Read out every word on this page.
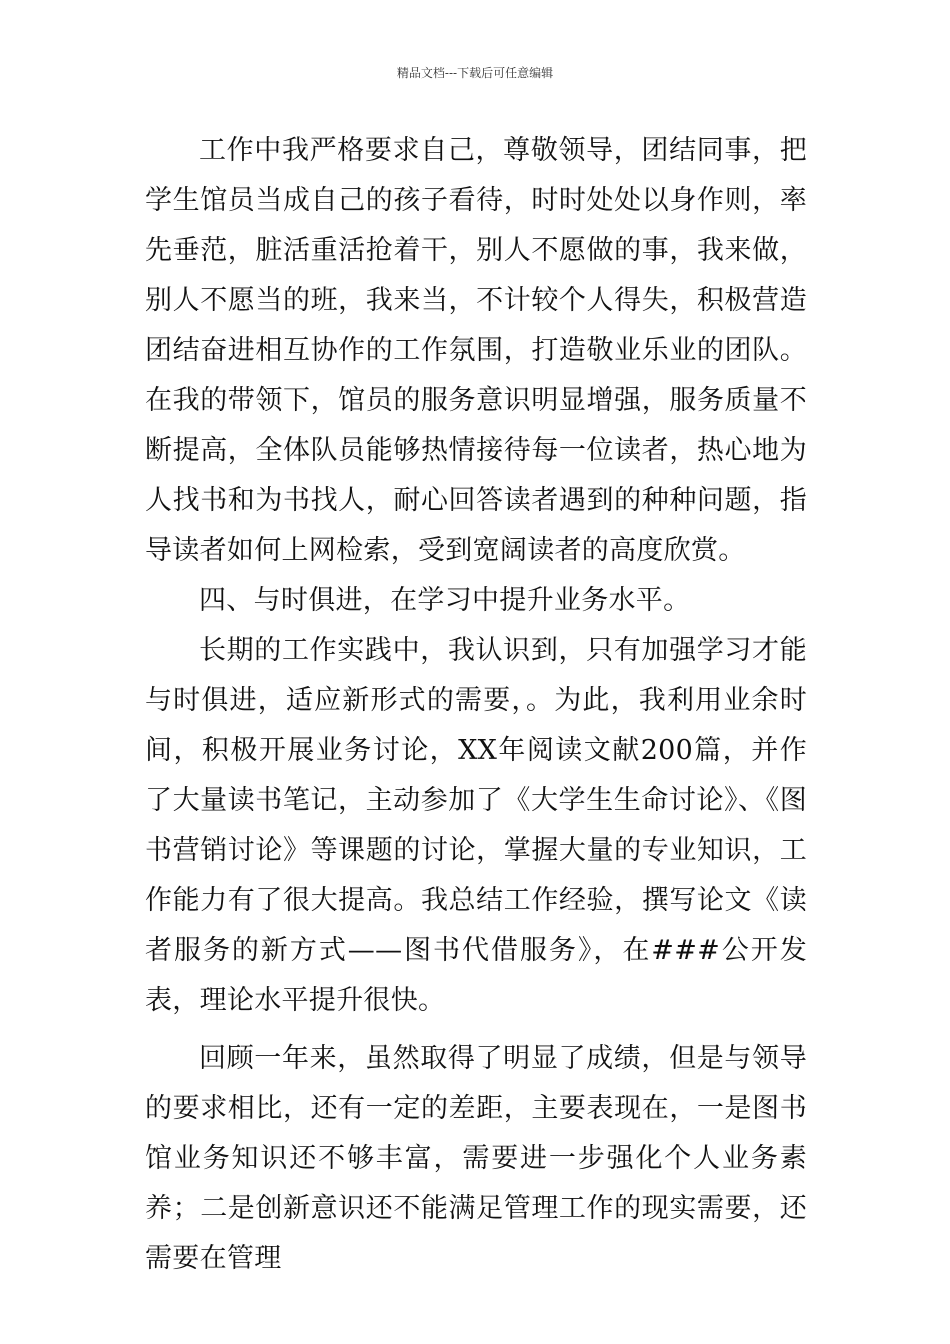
精品文档---下载后可任意编辑

工作中我严格要求自己，尊敬领导，团结同事，把学生馆员当成自己的孩子看待，时时处处以身作则，率先垂范，脏活重活抢着干，别人不愿做的事，我来做，别人不愿当的班，我来当，不计较个人得失，积极营造团结奋进相互协作的工作氛围，打造敬业乐业的团队。在我的带领下，馆员的服务意识明显增强，服务质量不断提高，全体队员能够热情接待每一位读者，热心地为人找书和为书找人，耐心回答读者遇到的种种问题，指导读者如何上网检索，受到宽阔读者的高度欣赏。

四、与时俱进，在学习中提升业务水平。

长期的工作实践中，我认识到，只有加强学习才能与时俱进，适应新形式的需要，。为此，我利用业余时间，积极开展业务讨论，XX年阅读文献200篇，并作了大量读书笔记，主动参加了《大学生生命讨论》、《图书营销讨论》等课题的讨论，掌握大量的专业知识，工作能力有了很大提高。我总结工作经验，撰写论文《读者服务的新方式——图书代借服务》，在###公开发表，理论水平提升很快。

回顾一年来，虽然取得了明显了成绩，但是与领导的要求相比，还有一定的差距，主要表现在，一是图书馆业务知识还不够丰富，需要进一步强化个人业务素养；二是创新意识还不能满足管理工作的现实需要，还需要在管理
